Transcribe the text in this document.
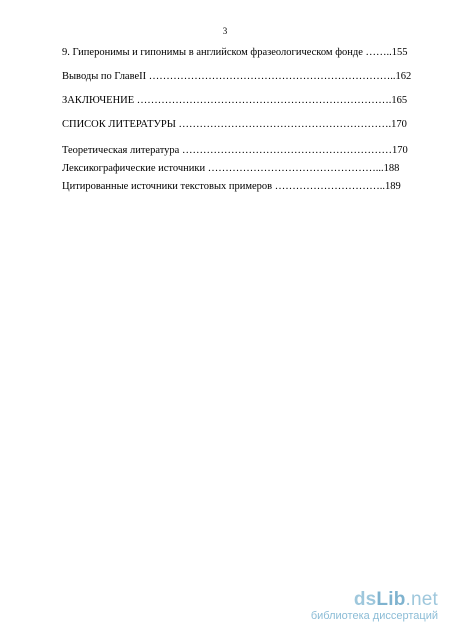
3
9. Гиперонимы и гипонимы в английском фразеологическом фонде ……..155
Выводы по ГлавеII ……………………………………………………………..162
ЗАКЛЮЧЕНИЕ ……………………………………………………………….165
СПИСОК ЛИТЕРАТУРЫ …………………………………………………….170
Теоретическая литература ……………………………………………………170
Лексикографические источники …………………………………………...188
Цитированные источники текстовых примеров …………………………..189
dsLib.net
библиотека диссертаций
